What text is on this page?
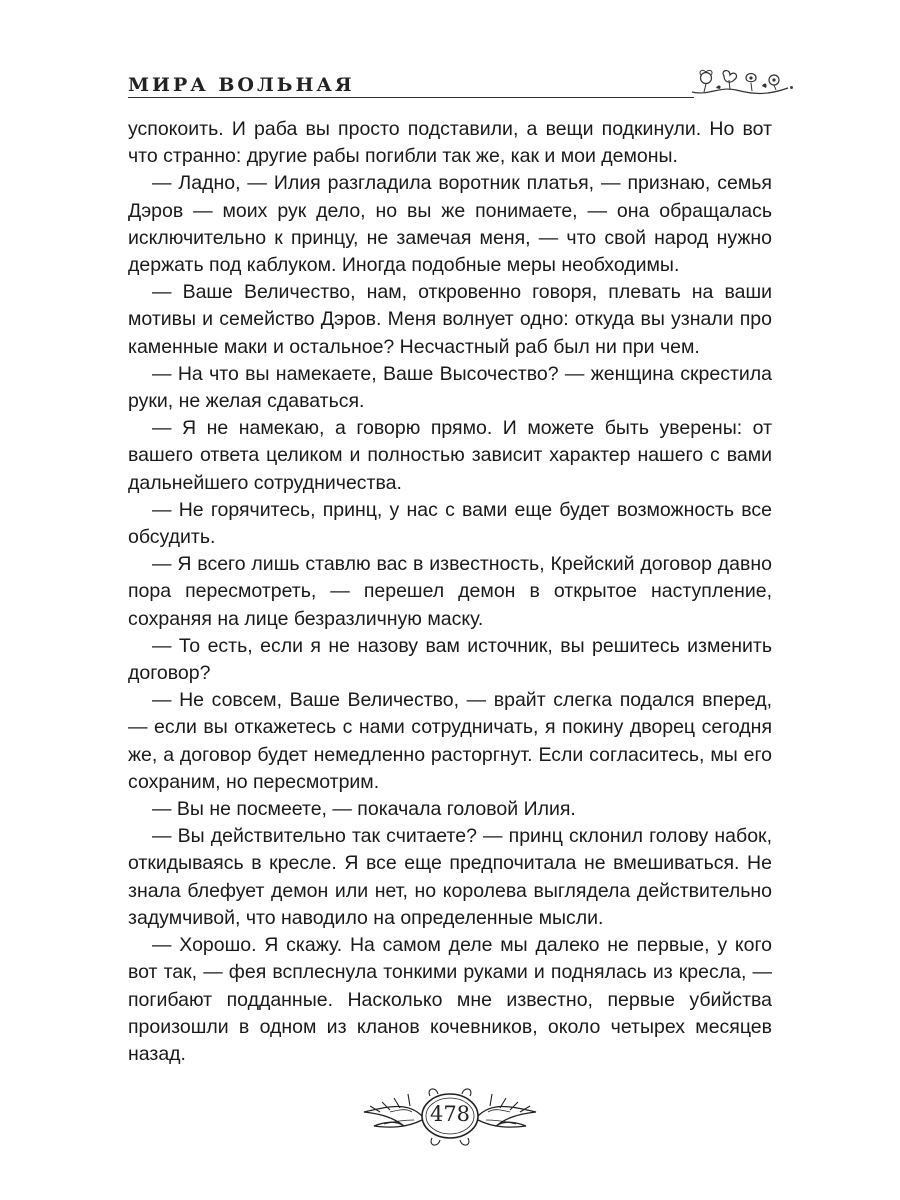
МИРА ВОЛЬНАЯ

успокоить. И раба вы просто подставили, а вещи подкинули. Но вот что странно: другие рабы погибли так же, как и мои демоны.

— Ладно, — Илия разгладила воротник платья, — признаю, семья Дэров — моих рук дело, но вы же понимаете, — она обращалась исключительно к принцу, не замечая меня, — что свой народ нужно держать под каблуком. Иногда подобные меры необходимы.

— Ваше Величество, нам, откровенно говоря, плевать на ваши мотивы и семейство Дэров. Меня волнует одно: откуда вы узнали про каменные маки и остальное? Несчастный раб был ни при чем.

— На что вы намекаете, Ваше Высочество? — женщина скрестила руки, не желая сдаваться.

— Я не намекаю, а говорю прямо. И можете быть уверены: от вашего ответа целиком и полностью зависит характер нашего с вами дальнейшего сотрудничества.

— Не горячитесь, принц, у нас с вами еще будет возможность все обсудить.

— Я всего лишь ставлю вас в известность, Крейский договор давно пора пересмотреть, — перешел демон в открытое наступление, сохраняя на лице безразличную маску.

— То есть, если я не назову вам источник, вы решитесь изменить договор?

— Не совсем, Ваше Величество, — врайт слегка подался вперед, — если вы откажетесь с нами сотрудничать, я покину дворец сегодня же, а договор будет немедленно расторгнут. Если согласитесь, мы его сохраним, но пересмотрим.

— Вы не посмеете, — покачала головой Илия.

— Вы действительно так считаете? — принц склонил голову набок, откидываясь в кресле. Я все еще предпочитала не вмешиваться. Не знала блефует демон или нет, но королева выглядела действительно задумчивой, что наводило на определенные мысли.

— Хорошо. Я скажу. На самом деле мы далеко не первые, у кого вот так, — фея всплеснула тонкими руками и поднялась из кресла, — погибают подданные. Насколько мне известно, первые убийства произошли в одном из кланов кочевников, около четырех месяцев назад.

478
